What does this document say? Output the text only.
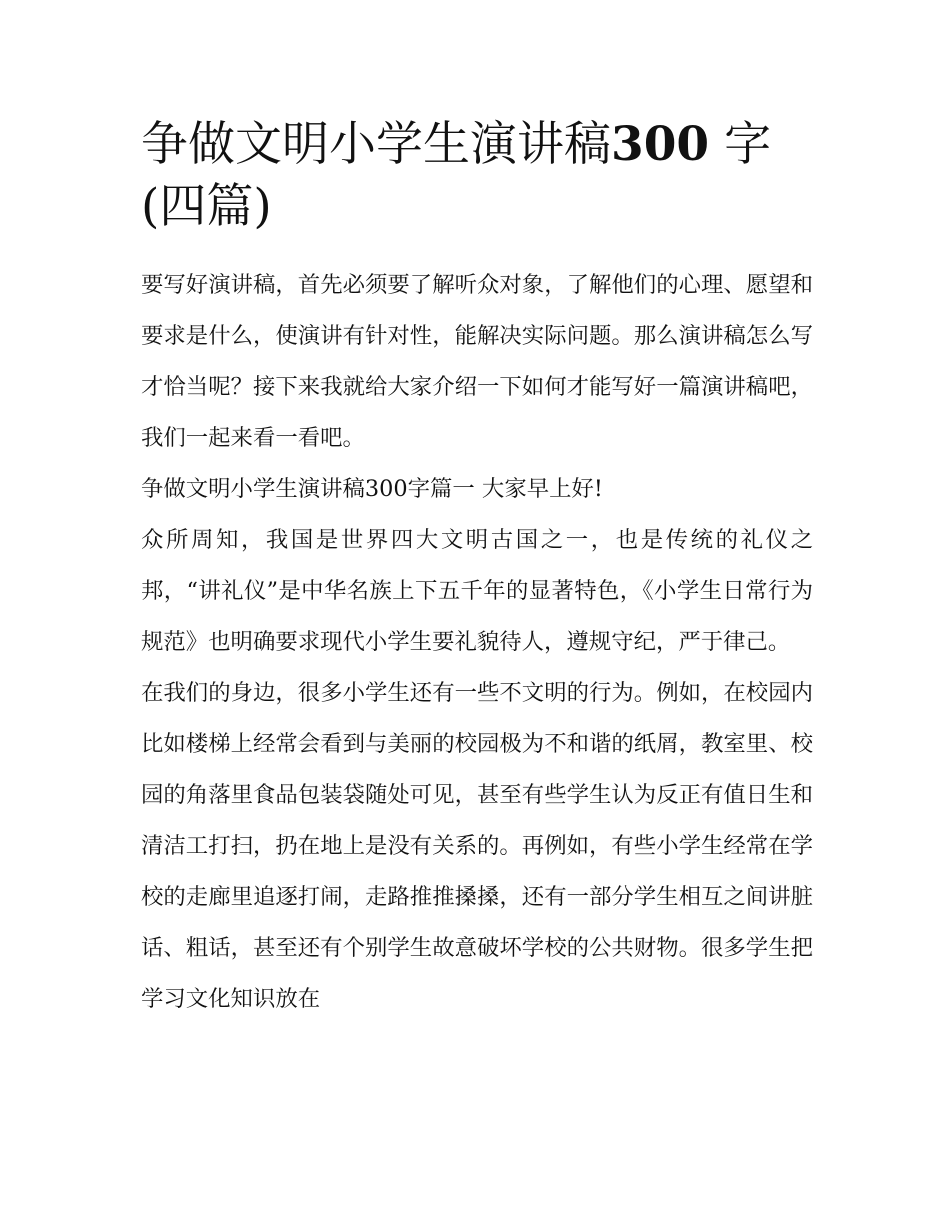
争做文明小学生演讲稿300 字
(四篇)

要写好演讲稿，首先必须要了解听众对象，了解他们的心理、愿望和要求是什么，使演讲有针对性，能解决实际问题。那么演讲稿怎么写才恰当呢？接下来我就给大家介绍一下如何才能写好一篇演讲稿吧，我们一起来看一看吧。

争做文明小学生演讲稿300字篇一 大家早上好!

众所周知，我国是世界四大文明古国之一，也是传统的礼仪之邦，“讲礼仪”是中华名族上下五千年的显著特色，《小学生日常行为规范》也明确要求现代小学生要礼貌待人，遵规守纪，严于律己。

在我们的身边，很多小学生还有一些不文明的行为。例如，在校园内比如楼梯上经常会看到与美丽的校园极为不和谐的纸屑，教室里、校园的角落里食品包装袋随处可见，甚至有些学生认为反正有值日生和清洁工打扫，扔在地上是没有关系的。再例如，有些小学生经常在学校的走廊里追逐打闹，走路推推搡搡，还有一部分学生相互之间讲脏话、粗话，甚至还有个别学生故意破坏学校的公共财物。很多学生把学习文化知识放在
